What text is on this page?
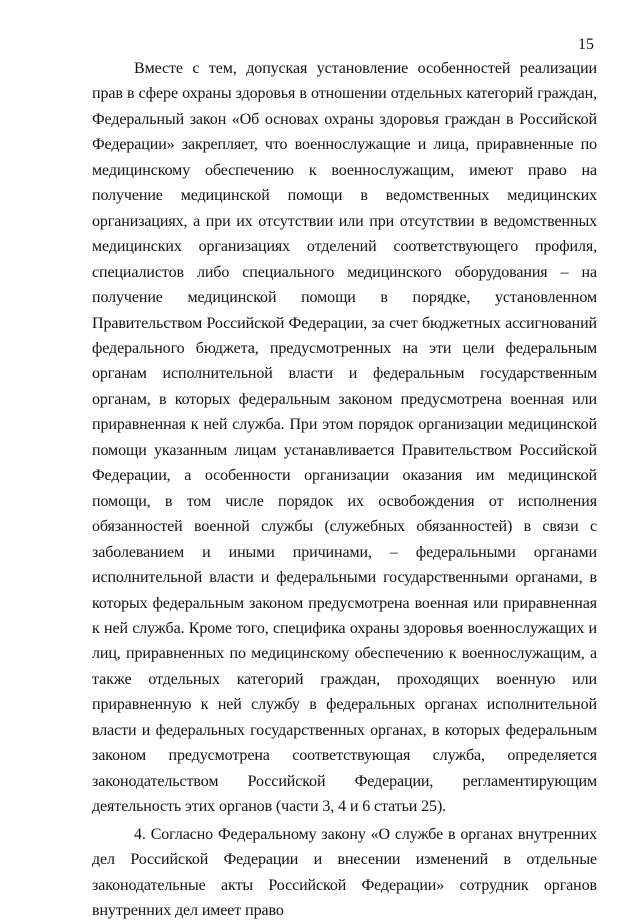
15

Вместе с тем, допуская установление особенностей реализации прав в сфере охраны здоровья в отношении отдельных категорий граждан, Федеральный закон «Об основах охраны здоровья граждан в Российской Федерации» закрепляет, что военнослужащие и лица, приравненные по медицинскому обеспечению к военнослужащим, имеют право на получение медицинской помощи в ведомственных медицинских организациях, а при их отсутствии или при отсутствии в ведомственных медицинских организациях отделений соответствующего профиля, специалистов либо специального медицинского оборудования – на получение медицинской помощи в порядке, установленном Правительством Российской Федерации, за счет бюджетных ассигнований федерального бюджета, предусмотренных на эти цели федеральным органам исполнительной власти и федеральным государственным органам, в которых федеральным законом предусмотрена военная или приравненная к ней служба. При этом порядок организации медицинской помощи указанным лицам устанавливается Правительством Российской Федерации, а особенности организации оказания им медицинской помощи, в том числе порядок их освобождения от исполнения обязанностей военной службы (служебных обязанностей) в связи с заболеванием и иными причинами, – федеральными органами исполнительной власти и федеральными государственными органами, в которых федеральным законом предусмотрена военная или приравненная к ней служба. Кроме того, специфика охраны здоровья военнослужащих и лиц, приравненных по медицинскому обеспечению к военнослужащим, а также отдельных категорий граждан, проходящих военную или приравненную к ней службу в федеральных органах исполнительной власти и федеральных государственных органах, в которых федеральным законом предусмотрена соответствующая служба, определяется законодательством Российской Федерации, регламентирующим деятельность этих органов (части 3, 4 и 6 статьи 25).

4. Согласно Федеральному закону «О службе в органах внутренних дел Российской Федерации и внесении изменений в отдельные законодательные акты Российской Федерации» сотрудник органов внутренних дел имеет право
